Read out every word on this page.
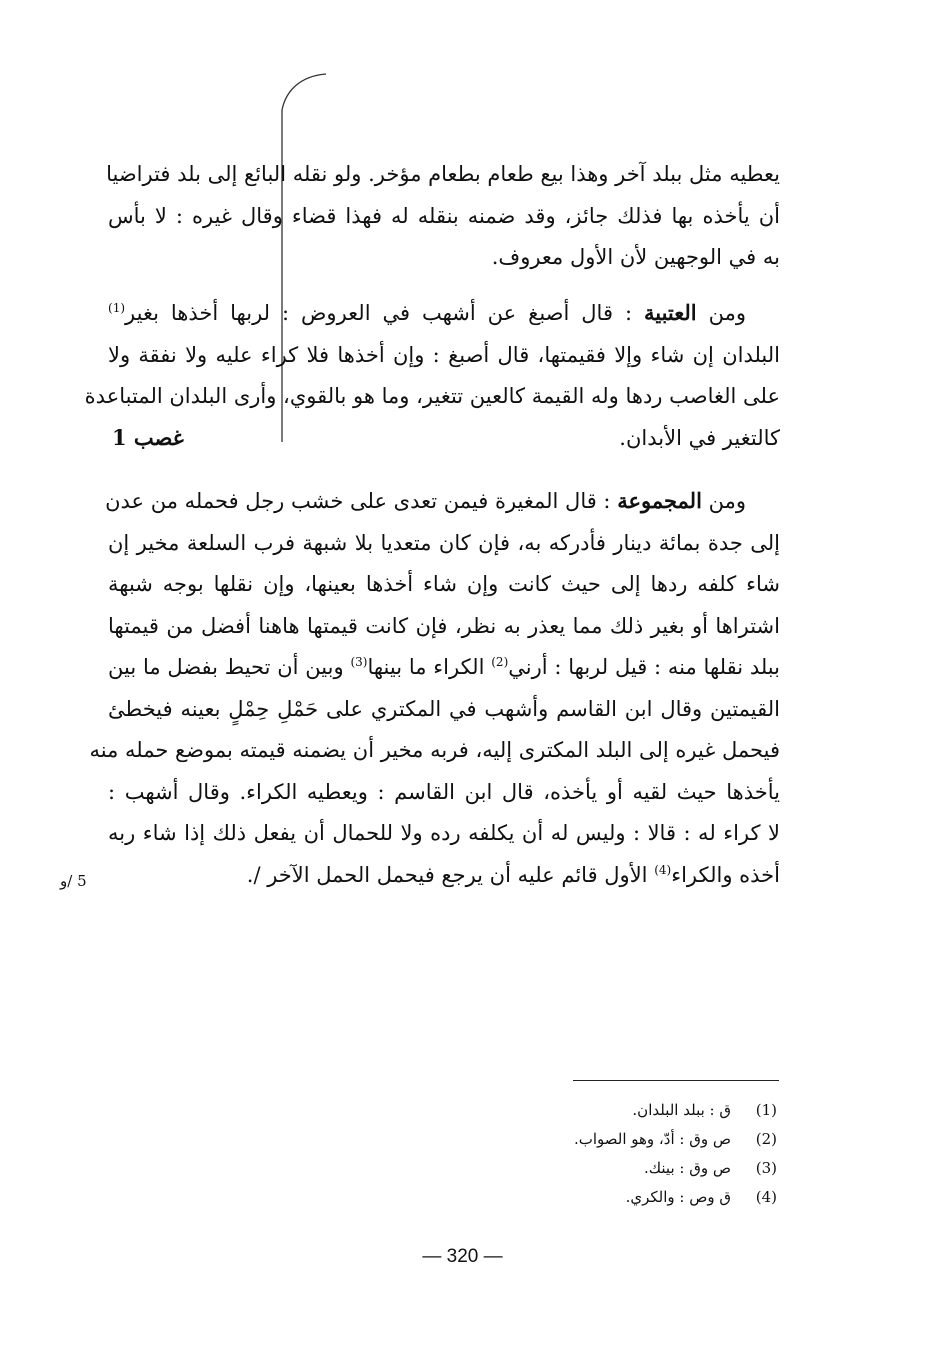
يعطيه مثل ببلد آخر وهذا بيع طعام بطعام مؤخر. ولو نقله البائع إلى بلد فتراضيا
أن يأخذه بها فذلك جائز، وقد ضمنه بنقله له فهذا قضاء وقال غيره : لا بأس
به في الوجهين لأن الأول معروف.
ومن العتبية : قال أصبغ عن أشهب في العروض : لربها أخذها بغير$^{(1)}$
البلدان إن شاء وإلا فقيمتها، قال أصبغ : وإن أخذها فلا كراء عليه ولا نفقة ولا
على الغاصب ردها وله القيمة كالعين تتغير، وما هو بالقوي، وأرى البلدان المتباعدة
كالتغير في الأبدان.
غصب 1
ومن المجموعة : قال المغيرة فيمن تعدى على خشب رجل فحمله من عدن
إلى جدة بمائة دينار فأدركه به، فإن كان متعديا بلا شبهة فرب السلعة مخير إن
شاء كلفه ردها إلى حيث كانت وإن شاء أخذها بعينها، وإن نقلها بوجه شبهة
اشتراها أو بغير ذلك مما يعذر به نظر، فإن كانت قيمتها هاهنا أفضل من قيمتها
ببلد نقلها منه : قيل لربها : أرني$^{(2)}$ الكراء ما بينها$^{(3)}$ وبين أن تحيط بفضل ما بين
القيمتين وقال ابن القاسم وأشهب في المكتري على حَمْلِ حِمْلٍ بعينه فيخطئ
فيحمل غيره إلى البلد المكترى إليه، فربه مخير أن يضمنه قيمته بموضع حمله منه
يأخذها حيث لقيه أو يأخذه، قال ابن القاسم : ويعطيه الكراء. وقال أشهب :
لا كراء له : قالا : وليس له أن يكلفه رده ولا للحمال أن يفعل ذلك إذا شاء ربه
أخذه والكراء$^{(4)}$ الأول قائم عليه أن يرجع فيحمل الحمل الآخر /.
5 /و
(1)
ق : ببلد البلدان.
(2)
ص وق : أدّ، وهو الصواب.
(3)
ص وق : بينك.
(4)
ق وص : والكري.
— 320 —
